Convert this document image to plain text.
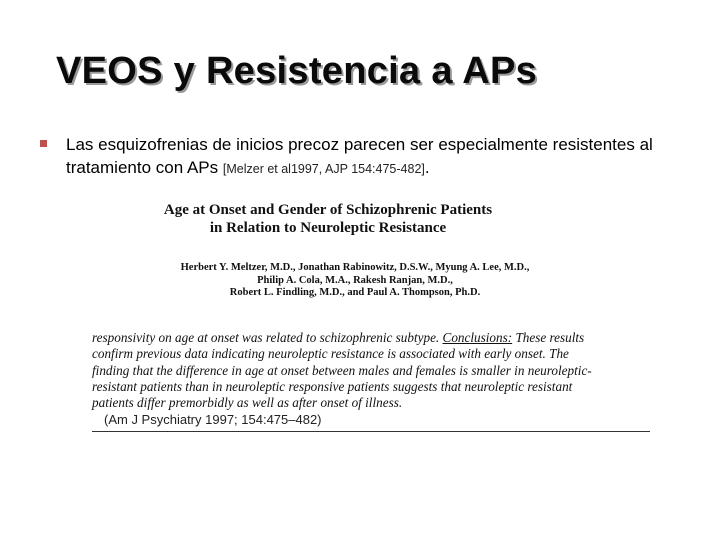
VEOS y Resistencia a APs
Las esquizofrenias de inicios precoz parecen ser especialmente resistentes al tratamiento con APs [Melzer et al1997, AJP 154:475-482].
Age at Onset and Gender of Schizophrenic Patients
in Relation to Neuroleptic Resistance
Herbert Y. Meltzer, M.D., Jonathan Rabinowitz, D.S.W., Myung A. Lee, M.D.,
Philip A. Cola, M.A., Rakesh Ranjan, M.D.,
Robert L. Findling, M.D., and Paul A. Thompson, Ph.D.
responsivity on age at onset was related to schizophrenic subtype. Conclusions: These results
confirm previous data indicating neuroleptic resistance is associated with early onset. The
finding that the difference in age at onset between males and females is smaller in neuroleptic-
resistant patients than in neuroleptic responsive patients suggests that neuroleptic resistant
patients differ premorbidly as well as after onset of illness.
(Am J Psychiatry 1997; 154:475–482)
